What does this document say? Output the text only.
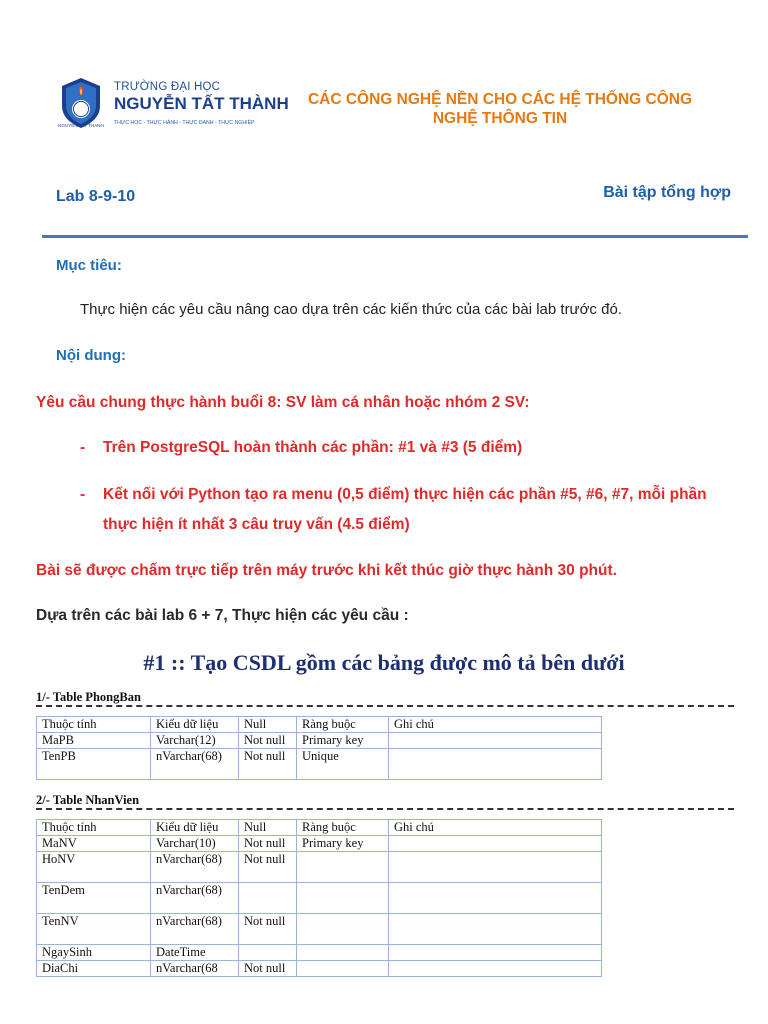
NGUYEN TAT THANH
TRƯỜNG ĐẠI HỌC
NGUYỄN TẤT THÀNH
THỰC HỌC - THỰC HÀNH - THỰC DANH - THỰC NGHIỆP
CÁC CÔNG NGHỆ NỀN CHO CÁC HỆ THỐNG CÔNG NGHỆ THÔNG TIN
Lab 8-9-10	Bài tập tổng hợp
Mục tiêu:
Thực hiện các yêu cầu nâng cao dựa trên các kiến thức của các bài lab trước đó.
Nội dung:
Yêu cầu chung thực hành buổi 8: SV làm cá nhân hoặc nhóm 2 SV:
- Trên PostgreSQL hoàn thành các phần: #1 và #3 (5 điểm)
- Kết nối với Python tạo ra menu (0,5 điểm) thực hiện các phần #5, #6, #7, mỗi phần thực hiện ít nhất 3 câu truy vấn (4.5 điểm)
Bài sẽ được chấm trực tiếp trên máy trước khi kết thúc giờ thực hành 30 phút.
Dựa trên các bài lab 6 + 7, Thực hiện các yêu cầu :
#1 :: Tạo CSDL gồm các bảng được mô tả bên dưới
1/- Table PhongBan
Thuộc tính	Kiểu dữ liệu	Null	Ràng buộc	Ghi chú
MaPB	Varchar(12)	Not null	Primary key	
TenPB	nVarchar(68)	Not null	Unique	
2/- Table NhanVien
Thuộc tính	Kiểu dữ liệu	Null	Ràng buộc	Ghi chú
MaNV	Varchar(10)	Not null	Primary key	
HoNV	nVarchar(68)	Not null		
TenDem	nVarchar(68)			
TenNV	nVarchar(68)	Not null		
NgaySinh	DateTime			
DiaChi	nVarchar(68	Not null		
